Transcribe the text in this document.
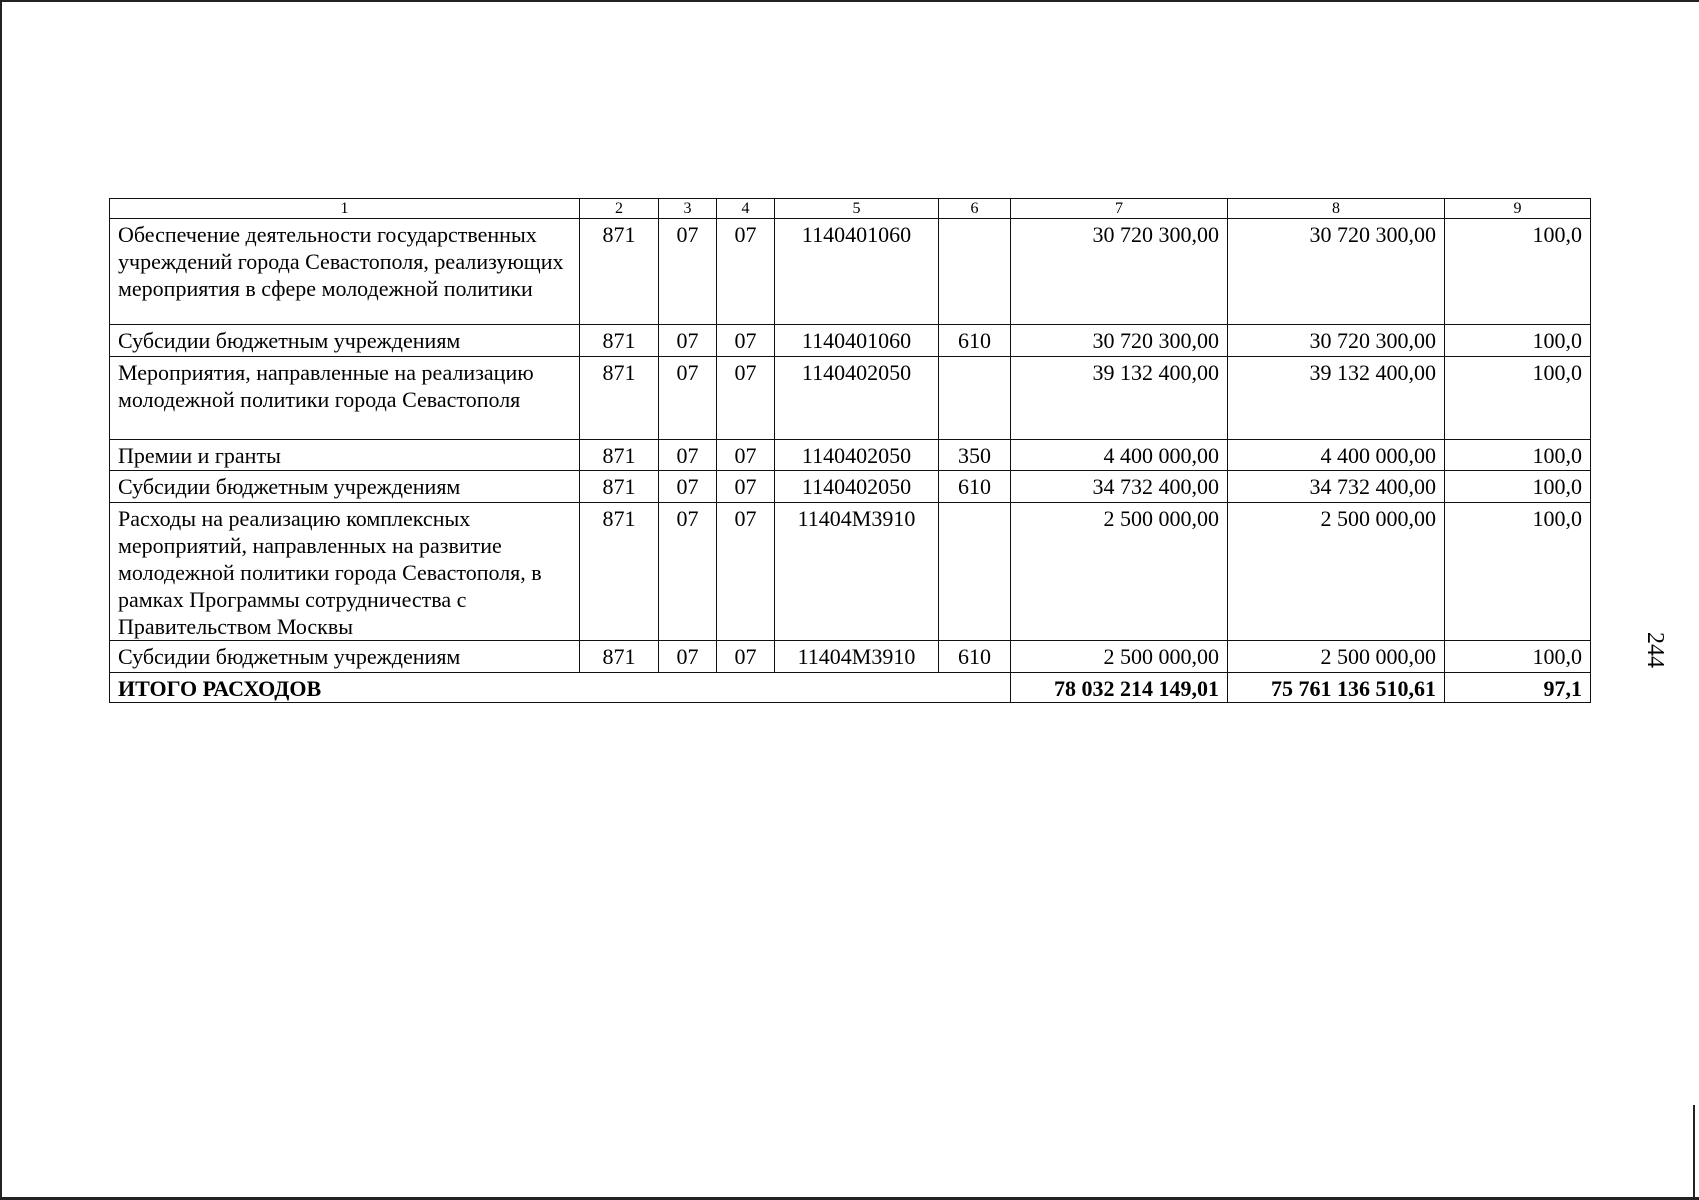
1	2	3	4	5	6	7	8	9
Обеспечение деятельности государственных учреждений города Севастополя, реализующих мероприятия в сфере молодежной политики	871	07	07	1140401060		30 720 300,00	30 720 300,00	100,0
Субсидии бюджетным учреждениям	871	07	07	1140401060	610	30 720 300,00	30 720 300,00	100,0
Мероприятия, направленные на реализацию молодежной политики города Севастополя	871	07	07	1140402050		39 132 400,00	39 132 400,00	100,0
Премии и гранты	871	07	07	1140402050	350	4 400 000,00	4 400 000,00	100,0
Субсидии бюджетным учреждениям	871	07	07	1140402050	610	34 732 400,00	34 732 400,00	100,0
Расходы на реализацию комплексных мероприятий, направленных на развитие молодежной политики города Севастополя, в рамках Программы сотрудничества с Правительством Москвы	871	07	07	11404М3910		2 500 000,00	2 500 000,00	100,0
Субсидии бюджетным учреждениям	871	07	07	11404М3910	610	2 500 000,00	2 500 000,00	100,0
ИТОГО РАСХОДОВ						78 032 214 149,01	75 761 136 510,61	97,1
244
